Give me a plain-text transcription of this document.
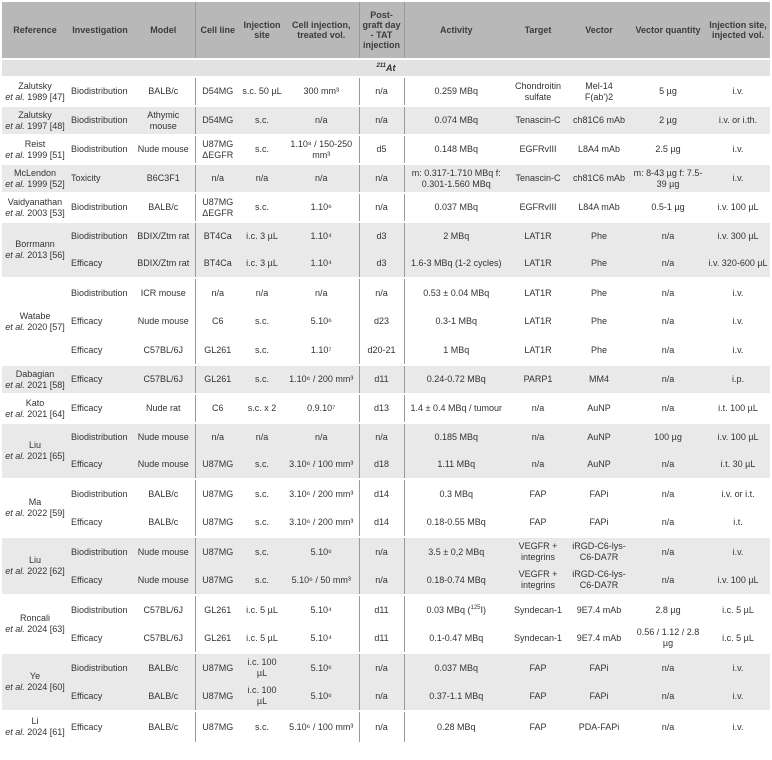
Reference	Investigation	Model	Cell line	Injection site	Cell injection, treated vol.	Post-graft day - TAT injection	Activity	Target	Vector	Vector quantity	Injection site, injected vol.
$^{211}$At											
Zalutsky
et al. 1989 [47]	Biodistribution	BALB/c	D54MG	s.c. 50 µL	300 mm³	n/a	0.259 MBq	Chondroitin sulfate	Mel-14 F(ab')2	5 µg	i.v.
Zalutsky
et al. 1997 [48]	Biodistribution	Athymic mouse	D54MG	s.c.	n/a	n/a	0.074 MBq	Tenascin-C	ch81C6 mAb	2 µg	i.v. or i.th.
Reist
et al. 1999 [51]	Biodistribution	Nude mouse	U87MG ΔEGFR	s.c.	1.10⁸ / 150-250 mm³	d5	0.148 MBq	EGFRvIII	L8A4 mAb	2.5 µg	i.v.
McLendon
et al. 1999 [52]	Toxicity	B6C3F1	n/a	n/a	n/a	n/a	m: 0.317-1.710 MBq f: 0.301-1.560 MBq	Tenascin-C	ch81C6 mAb	m: 8-43 µg f: 7.5-39 µg	i.v.
Vaidyanathan
et al. 2003 [53]	Biodistribution	BALB/c	U87MG ΔEGFR	s.c.	1.10⁶	n/a	0.037 MBq	EGFRvIII	L84A mAb	0.5-1 µg	i.v. 100 µL
Borrmann
et al. 2013 [56]	Biodistribution	BDIX/Ztm rat	BT4Ca	i.c. 3 µL	1.10⁴	d3	2 MBq	LAT1R	Phe	n/a	i.v. 300 µL
	Efficacy	BDIX/Ztm rat	BT4Ca	i.c. 3 µL	1.10⁴	d3	1.6-3 MBq (1-2 cycles)	LAT1R	Phe	n/a	i.v. 320-600 µL
Watabe
et al. 2020 [57]	Biodistribution	ICR mouse	n/a	n/a	n/a	n/a	0.53 ± 0.04 MBq	LAT1R	Phe	n/a	i.v.
	Efficacy	Nude mouse	C6	s.c.	5.10⁶	d23	0.3-1 MBq	LAT1R	Phe	n/a	i.v.
	Efficacy	C57BL/6J	GL261	s.c.	1.10⁷	d20-21	1 MBq	LAT1R	Phe	n/a	i.v.
Dabagian
et al. 2021 [58]	Efficacy	C57BL/6J	GL261	s.c.	1.10⁶ / 200 mm³	d11	0.24-0.72 MBq	PARP1	MM4	n/a	i.p.
Kato
et al. 2021 [64]	Efficacy	Nude rat	C6	s.c. x 2	0.9.10⁷	d13	1.4 ± 0.4 MBq / tumour	n/a	AuNP	n/a	i.t. 100 µL
Liu
et al. 2021 [65]	Biodistribution	Nude mouse	n/a	n/a	n/a	n/a	0.185 MBq	n/a	AuNP	100 µg	i.v. 100 µL
	Efficacy	Nude mouse	U87MG	s.c.	3.10⁶ / 100 mm³	d18	1.11 MBq	n/a	AuNP	n/a	i.t. 30 µL
Ma
et al. 2022 [59]	Biodistribution	BALB/c	U87MG	s.c.	3.10⁶ / 200 mm³	d14	0.3 MBq	FAP	FAPi	n/a	i.v. or i.t.
	Efficacy	BALB/c	U87MG	s.c.	3.10⁶ / 200 mm³	d14	0.18-0.55 MBq	FAP	FAPi	n/a	i.t.
Liu
et al. 2022 [62]	Biodistribution	Nude mouse	U87MG	s.c.	5.10⁶	n/a	3.5 ± 0,2 MBq	VEGFR + integrins	iRGD-C6-lys-C6-DA7R	n/a	i.v.
	Efficacy	Nude mouse	U87MG	s.c.	5.10⁶ / 50 mm³	n/a	0.18-0.74 MBq	VEGFR + integrins	iRGD-C6-lys-C6-DA7R	n/a	i.v. 100 µL
Roncali
et al. 2024 [63]	Biodistribution	C57BL/6J	GL261	i.c. 5 µL	5.10⁴	d11	0.03 MBq ($^{125}$I)	Syndecan-1	9E7.4 mAb	2.8 µg	i.c. 5 µL
	Efficacy	C57BL/6J	GL261	i.c. 5 µL	5.10⁴	d11	0.1-0.47 MBq	Syndecan-1	9E7.4 mAb	0.56 / 1.12 / 2.8 µg	i.c. 5 µL
Ye
et al. 2024 [60]	Biodistribution	BALB/c	U87MG	i.c. 100 µL	5.10⁶	n/a	0.037 MBq	FAP	FAPi	n/a	i.v.
	Efficacy	BALB/c	U87MG	i.c. 100 µL	5.10⁶	n/a	0.37-1.1 MBq	FAP	FAPi	n/a	i.v.
Li
et al. 2024 [61]	Efficacy	BALB/c	U87MG	s.c.	5.10⁶ / 100 mm³	n/a	0.28 MBq	FAP	PDA-FAPi	n/a	i.v.
